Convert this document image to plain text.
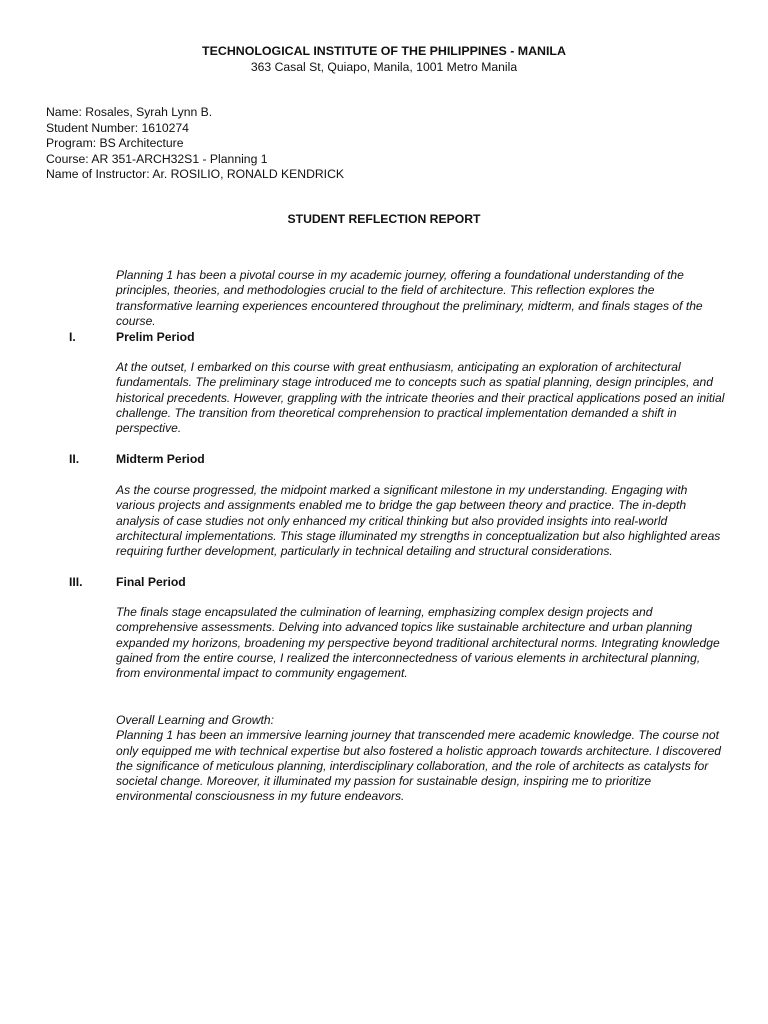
TECHNOLOGICAL INSTITUTE OF THE PHILIPPINES - MANILA
363 Casal St, Quiapo, Manila, 1001 Metro Manila
Name: Rosales, Syrah Lynn B.
Student Number: 1610274
Program: BS Architecture
Course: AR 351-ARCH32S1 - Planning 1
Name of Instructor: Ar. ROSILIO, RONALD KENDRICK
STUDENT REFLECTION REPORT
Planning 1 has been a pivotal course in my academic journey, offering a foundational understanding of the principles, theories, and methodologies crucial to the field of architecture. This reflection explores the transformative learning experiences encountered throughout the preliminary, midterm, and finals stages of the course.
I.	Prelim Period
At the outset, I embarked on this course with great enthusiasm, anticipating an exploration of architectural fundamentals. The preliminary stage introduced me to concepts such as spatial planning, design principles, and historical precedents. However, grappling with the intricate theories and their practical applications posed an initial challenge. The transition from theoretical comprehension to practical implementation demanded a shift in perspective.
II.	Midterm Period
As the course progressed, the midpoint marked a significant milestone in my understanding. Engaging with various projects and assignments enabled me to bridge the gap between theory and practice. The in-depth analysis of case studies not only enhanced my critical thinking but also provided insights into real-world architectural implementations. This stage illuminated my strengths in conceptualization but also highlighted areas requiring further development, particularly in technical detailing and structural considerations.
III.	Final Period
The finals stage encapsulated the culmination of learning, emphasizing complex design projects and comprehensive assessments. Delving into advanced topics like sustainable architecture and urban planning expanded my horizons, broadening my perspective beyond traditional architectural norms. Integrating knowledge gained from the entire course, I realized the interconnectedness of various elements in architectural planning, from environmental impact to community engagement.
Overall Learning and Growth:
Planning 1 has been an immersive learning journey that transcended mere academic knowledge. The course not only equipped me with technical expertise but also fostered a holistic approach towards architecture. I discovered the significance of meticulous planning, interdisciplinary collaboration, and the role of architects as catalysts for societal change. Moreover, it illuminated my passion for sustainable design, inspiring me to prioritize environmental consciousness in my future endeavors.
